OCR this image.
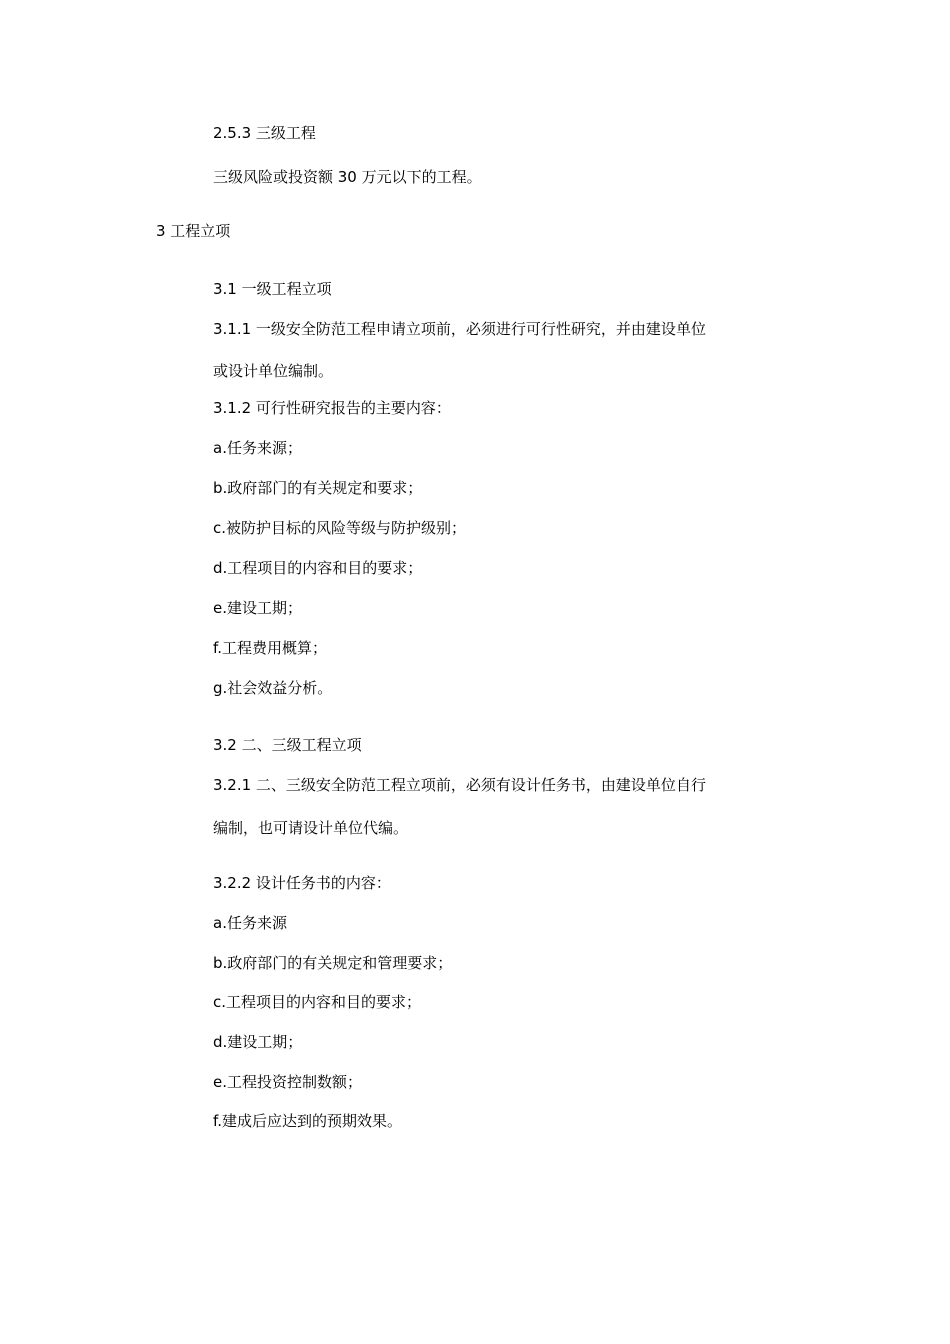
2.5.3 三级工程
三级风险或投资额 30 万元以下的工程。
3 工程立项
3.1 一级工程立项
3.1.1 一级安全防范工程申请立项前，必须进行可行性研究，并由建设单位
或设计单位编制。
3.1.2 可行性研究报告的主要内容：
a.任务来源；
b.政府部门的有关规定和要求；
c.被防护目标的风险等级与防护级别；
d.工程项目的内容和目的要求；
e.建设工期；
f.工程费用概算；
g.社会效益分析。
3.2 二、三级工程立项
3.2.1 二、三级安全防范工程立项前，必须有设计任务书，由建设单位自行
编制，也可请设计单位代编。
3.2.2 设计任务书的内容：
a.任务来源
b.政府部门的有关规定和管理要求；
c.工程项目的内容和目的要求；
d.建设工期；
e.工程投资控制数额；
f.建成后应达到的预期效果。
